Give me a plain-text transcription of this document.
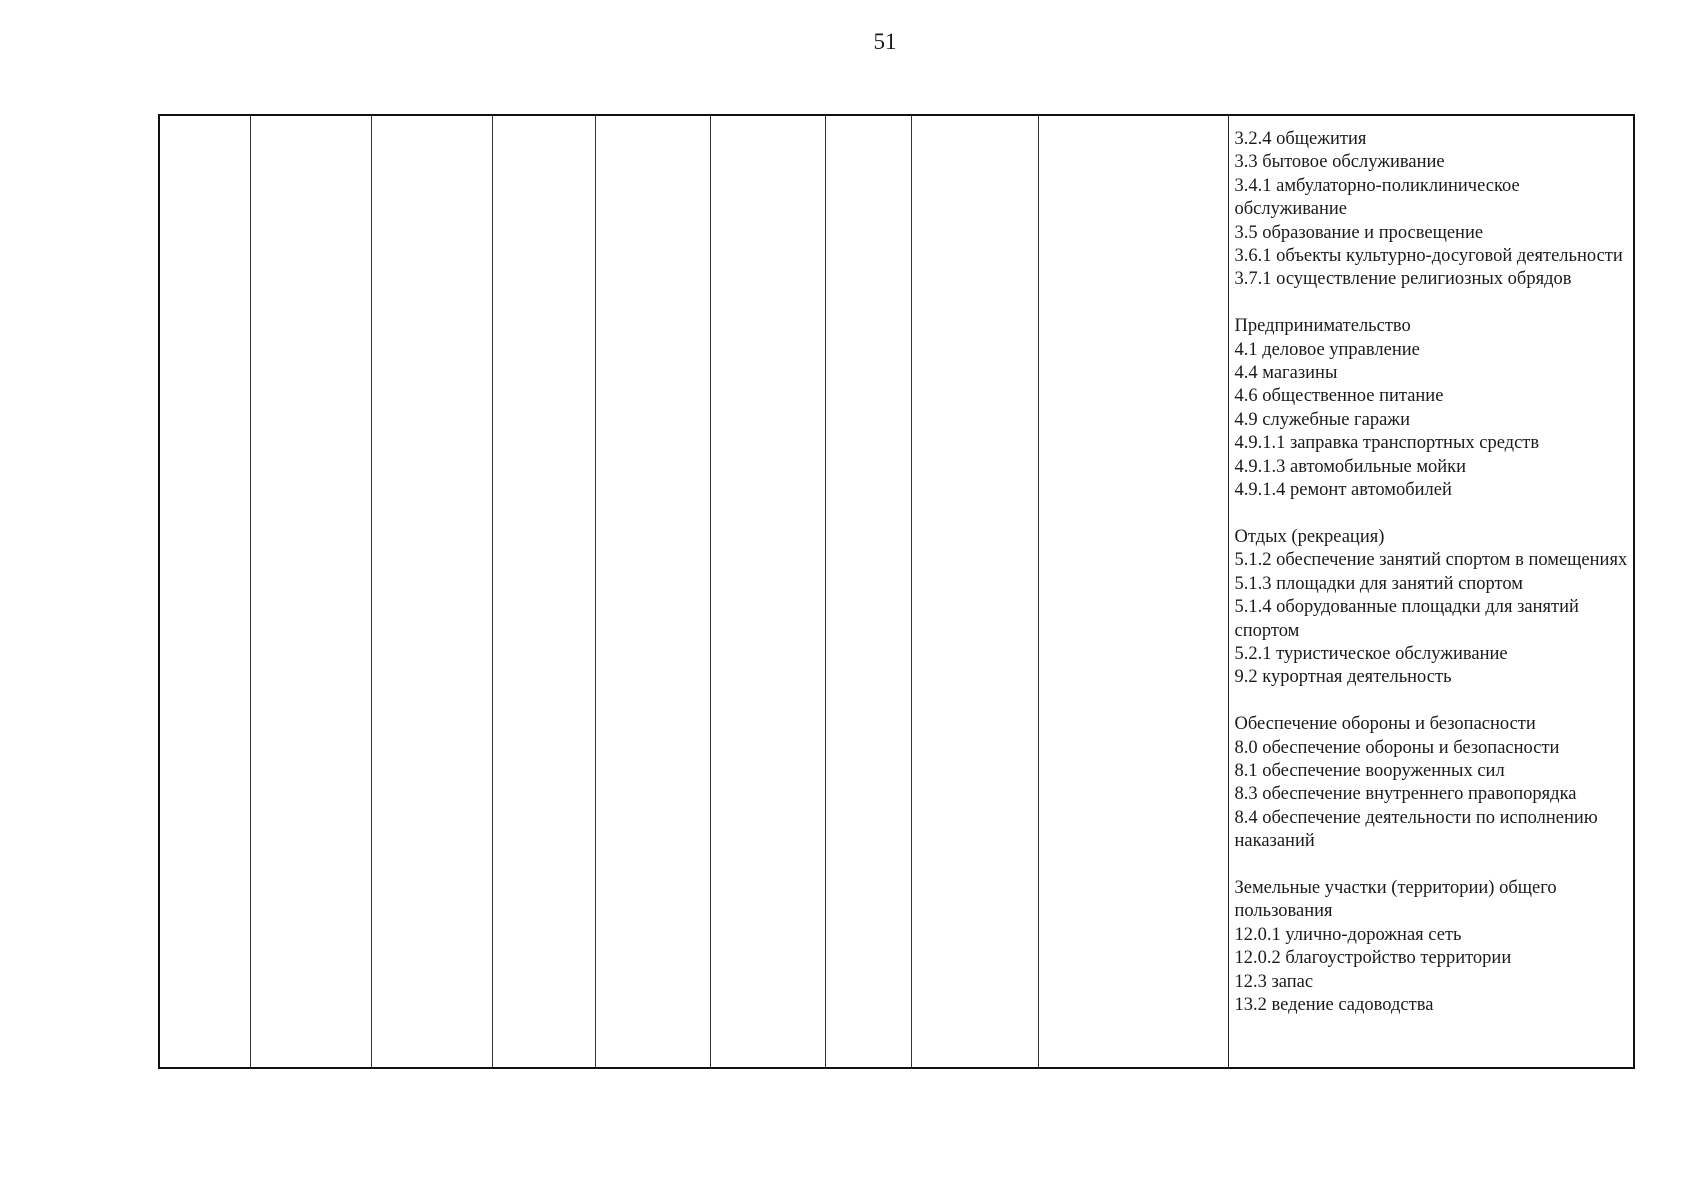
51

3.2.4 общежития
3.3 бытовое обслуживание
3.4.1 амбулаторно-поликлиническое обслуживание
3.5 образование и просвещение
3.6.1 объекты культурно-досуговой деятельности
3.7.1 осуществление религиозных обрядов
Предпринимательство
4.1 деловое управление
4.4 магазины
4.6 общественное питание
4.9 служебные гаражи
4.9.1.1 заправка транспортных средств
4.9.1.3 автомобильные мойки
4.9.1.4 ремонт автомобилей
Отдых (рекреация)
5.1.2 обеспечение занятий спортом в помещениях
5.1.3 площадки для занятий спортом
5.1.4 оборудованные площадки для занятий спортом
5.2.1 туристическое обслуживание
9.2 курортная деятельность
Обеспечение обороны и безопасности
8.0 обеспечение обороны и безопасности
8.1 обеспечение вооруженных сил
8.3 обеспечение внутреннего правопорядка
8.4 обеспечение деятельности по исполнению наказаний
Земельные участки (территории) общего пользования
12.0.1 улично-дорожная сеть
12.0.2 благоустройство территории
12.3 запас
13.2 ведение садоводства
